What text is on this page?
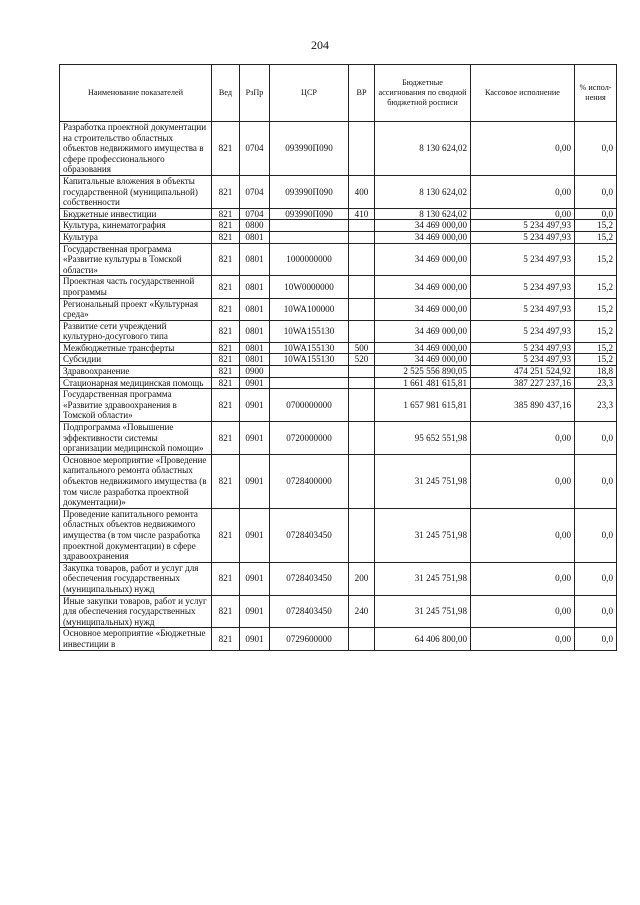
204
Наименование показателей	Вед	РзПр	ЦСР	ВР	Бюджетные ассигнования по сводной бюджетной росписи	Кассовое исполнение	% испол-нения
Разработка проектной документации на строительство областных объектов недвижимого имущества в сфере профессионального образования	821	0704	093990П090		8 130 624,02	0,00	0,0
Капитальные вложения в объекты государственной (муниципальной) собственности	821	0704	093990П090	400	8 130 624,02	0,00	0,0
Бюджетные инвестиции	821	0704	093990П090	410	8 130 624,02	0,00	0,0
Культура, кинематография	821	0800			34 469 000,00	5 234 497,93	15,2
Культура	821	0801			34 469 000,00	5 234 497,93	15,2
Государственная программа «Развитие культуры в Томской области»	821	0801	1000000000		34 469 000,00	5 234 497,93	15,2
Проектная часть государственной программы	821	0801	10W0000000		34 469 000,00	5 234 497,93	15,2
Региональный проект «Культурная среда»	821	0801	10WA100000		34 469 000,00	5 234 497,93	15,2
Развитие сети учреждений культурно-досугового типа	821	0801	10WA155130		34 469 000,00	5 234 497,93	15,2
Межбюджетные трансферты	821	0801	10WA155130	500	34 469 000,00	5 234 497,93	15,2
Субсидии	821	0801	10WA155130	520	34 469 000,00	5 234 497,93	15,2
Здравоохранение	821	0900			2 525 556 890,05	474 251 524,92	18,8
Стационарная медицинская помощь	821	0901			1 661 481 615,81	387 227 237,16	23,3
Государственная программа «Развитие здравоохранения в Томской области»	821	0901	0700000000		1 657 981 615,81	385 890 437,16	23,3
Подпрограмма «Повышение эффективности системы организации медицинской помощи»	821	0901	0720000000		95 652 551,98	0,00	0,0
Основное мероприятие «Проведение капитального ремонта областных объектов недвижимого имущества (в том числе разработка проектной документации)»	821	0901	0728400000		31 245 751,98	0,00	0,0
Проведение капитального ремонта областных объектов недвижимого имущества (в том числе разработка проектной документации) в сфере здравоохранения	821	0901	0728403450		31 245 751,98	0,00	0,0
Закупка товаров, работ и услуг для обеспечения государственных (муниципальных) нужд	821	0901	0728403450	200	31 245 751,98	0,00	0,0
Иные закупки товаров, работ и услуг для обеспечения государственных (муниципальных) нужд	821	0901	0728403450	240	31 245 751,98	0,00	0,0
Основное мероприятие «Бюджетные инвестиции в	821	0901	0729600000		64 406 800,00	0,00	0,0
